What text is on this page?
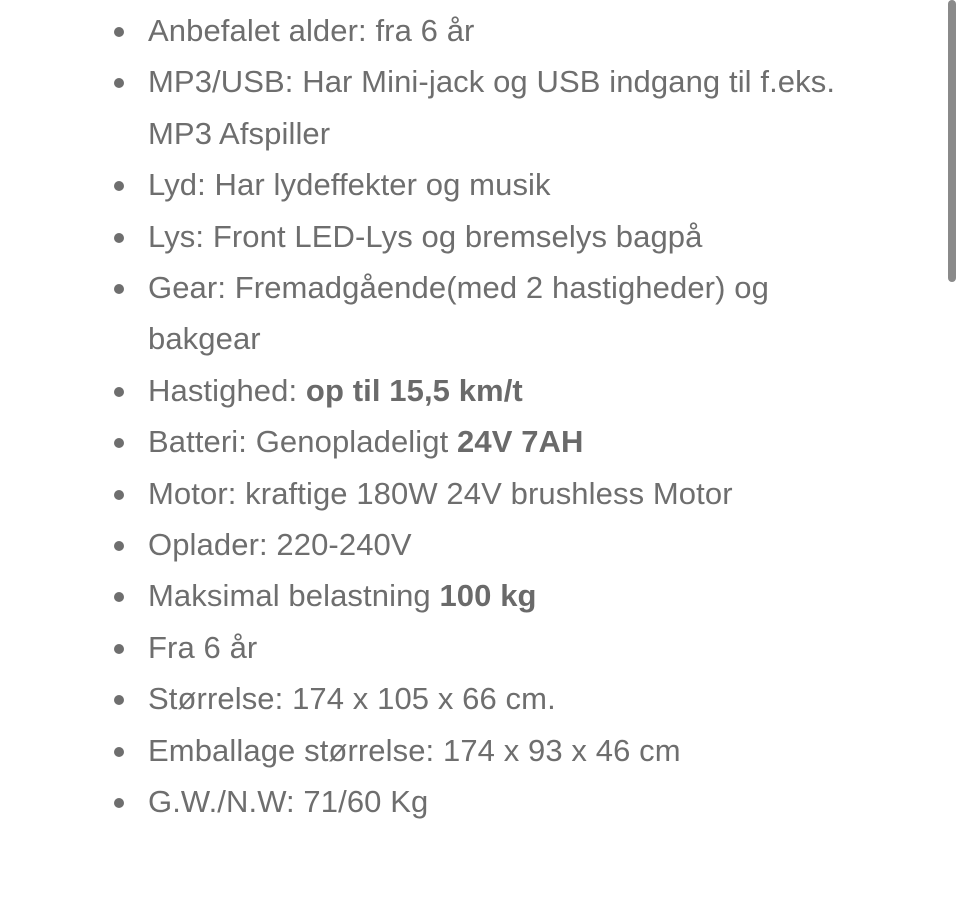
Anbefalet alder: fra 6 år
MP3/USB: Har Mini-jack og USB indgang til f.eks. MP3 Afspiller
Lyd: Har lydeffekter og musik
Lys: Front LED-Lys og bremselys bagpå
Gear: Fremadgående(med 2 hastigheder) og bakgear
Hastighed: op til 15,5 km/t
Batteri: Genopladeligt 24V 7AH
Motor: kraftige 180W 24V brushless Motor
Oplader: 220-240V
Maksimal belastning 100 kg
Fra 6 år
Størrelse: 174 x 105 x 66 cm.
Emballage størrelse: 174 x 93 x 46 cm
G.W./N.W: 71/60 Kg
